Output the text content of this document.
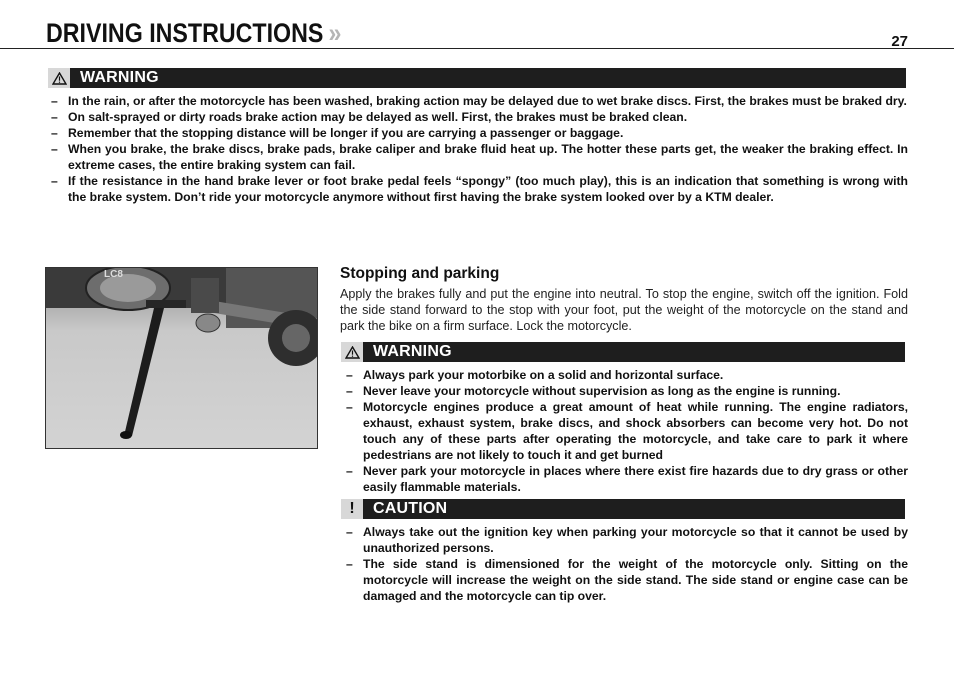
DRIVING INSTRUCTIONS »	27
WARNING
– In the rain, or after the motorcycle has been washed, braking action may be delayed due to wet brake discs. First, the brakes must be braked dry.
– On salt-sprayed or dirty roads brake action may be delayed as well. First, the brakes must be braked clean.
– Remember that the stopping distance will be longer if you are carrying a passenger or baggage.
– When you brake, the brake discs, brake pads, brake caliper and brake fluid heat up. The hotter these parts get, the weaker the braking effect. In extreme cases, the entire braking system can fail.
– If the resistance in the hand brake lever or foot brake pedal feels “spongy” (too much play), this is an indication that something is wrong with the brake system. Don’t ride your motorcycle anymore without first having the brake system looked over by a KTM dealer.
LC8	Stopping and parking
Apply the brakes fully and put the engine into neutral. To stop the engine, switch off the ignition. Fold the side stand forward to the stop with your foot, put the weight of the motorcycle on the stand and park the bike on a firm surface. Lock the motorcycle.
WARNING
– Always park your motorbike on a solid and horizontal surface.
– Never leave your motorcycle without supervision as long as the engine is running.
– Motorcycle engines produce a great amount of heat while running. The engine radiators, exhaust, exhaust system, brake discs, and shock absorbers can become very hot. Do not touch any of these parts after operating the motorcycle, and take care to park it where pedestrians are not likely to touch it and get burned
– Never park your motorcycle in places where there exist fire hazards due to dry grass or other easily flammable materials.
!	CAUTION
– Always take out the ignition key when parking your motorcycle so that it cannot be used by unauthorized persons.
– The side stand is dimensioned for the weight of the motorcycle only. Sitting on the motorcycle will increase the weight on the side stand. The side stand or engine case can be damaged and the motorcycle can tip over.
